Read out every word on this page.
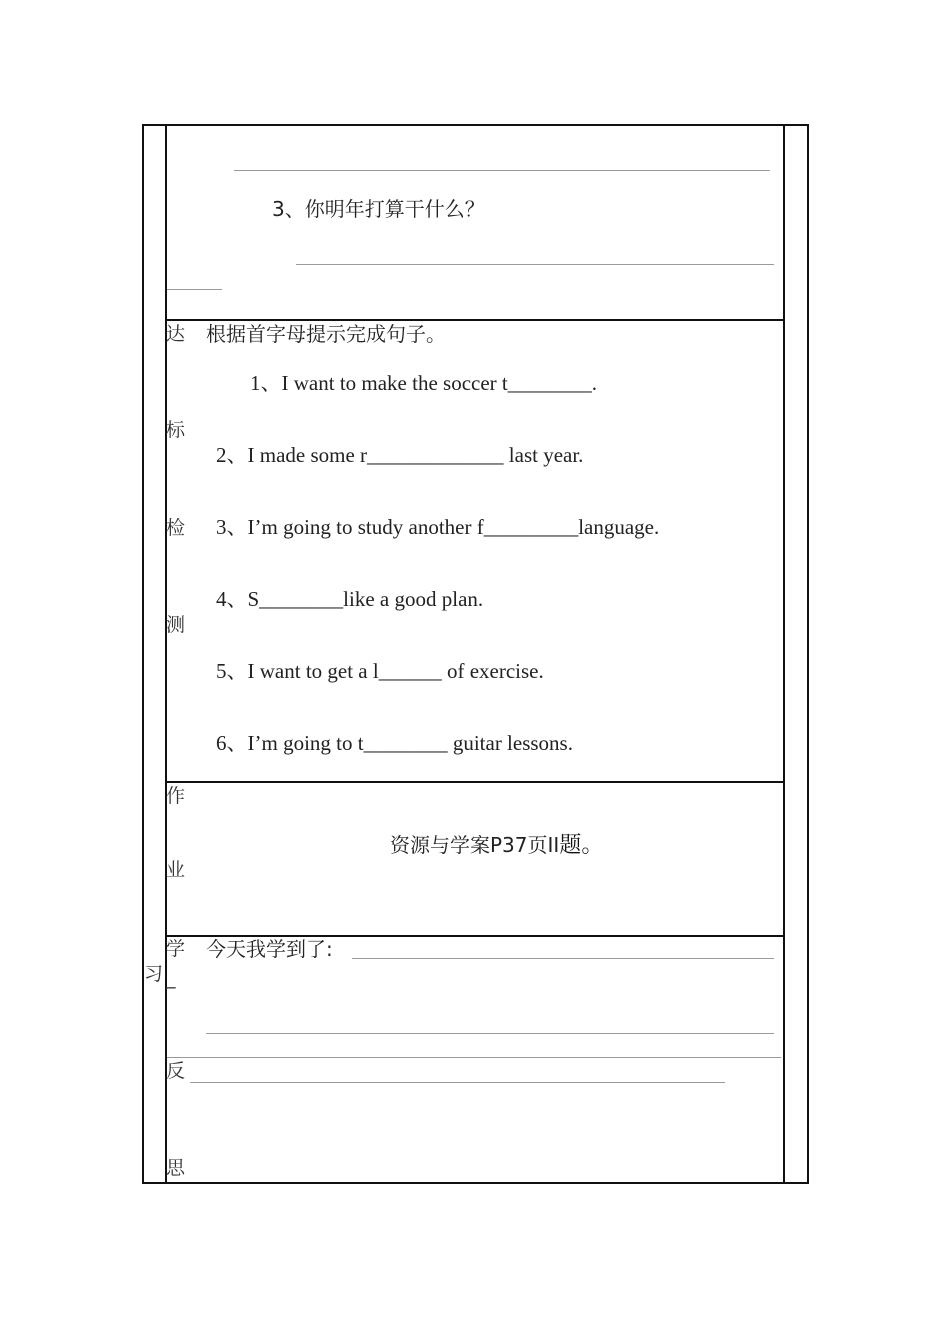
3、你明年打算干什么？
达
标
检
测
根据首字母提示完成句子。
1、I want to make the soccer t________.
2、I made some r_____________ last year.
3、I’m going to study another f_________language.
4、S________like a good plan.
5、I want to get a l______ of exercise.
6、I’m going to t________ guitar lessons.
作
业
资源与学案P37页II题。
学
习 _
反
思
今天我学到了:
